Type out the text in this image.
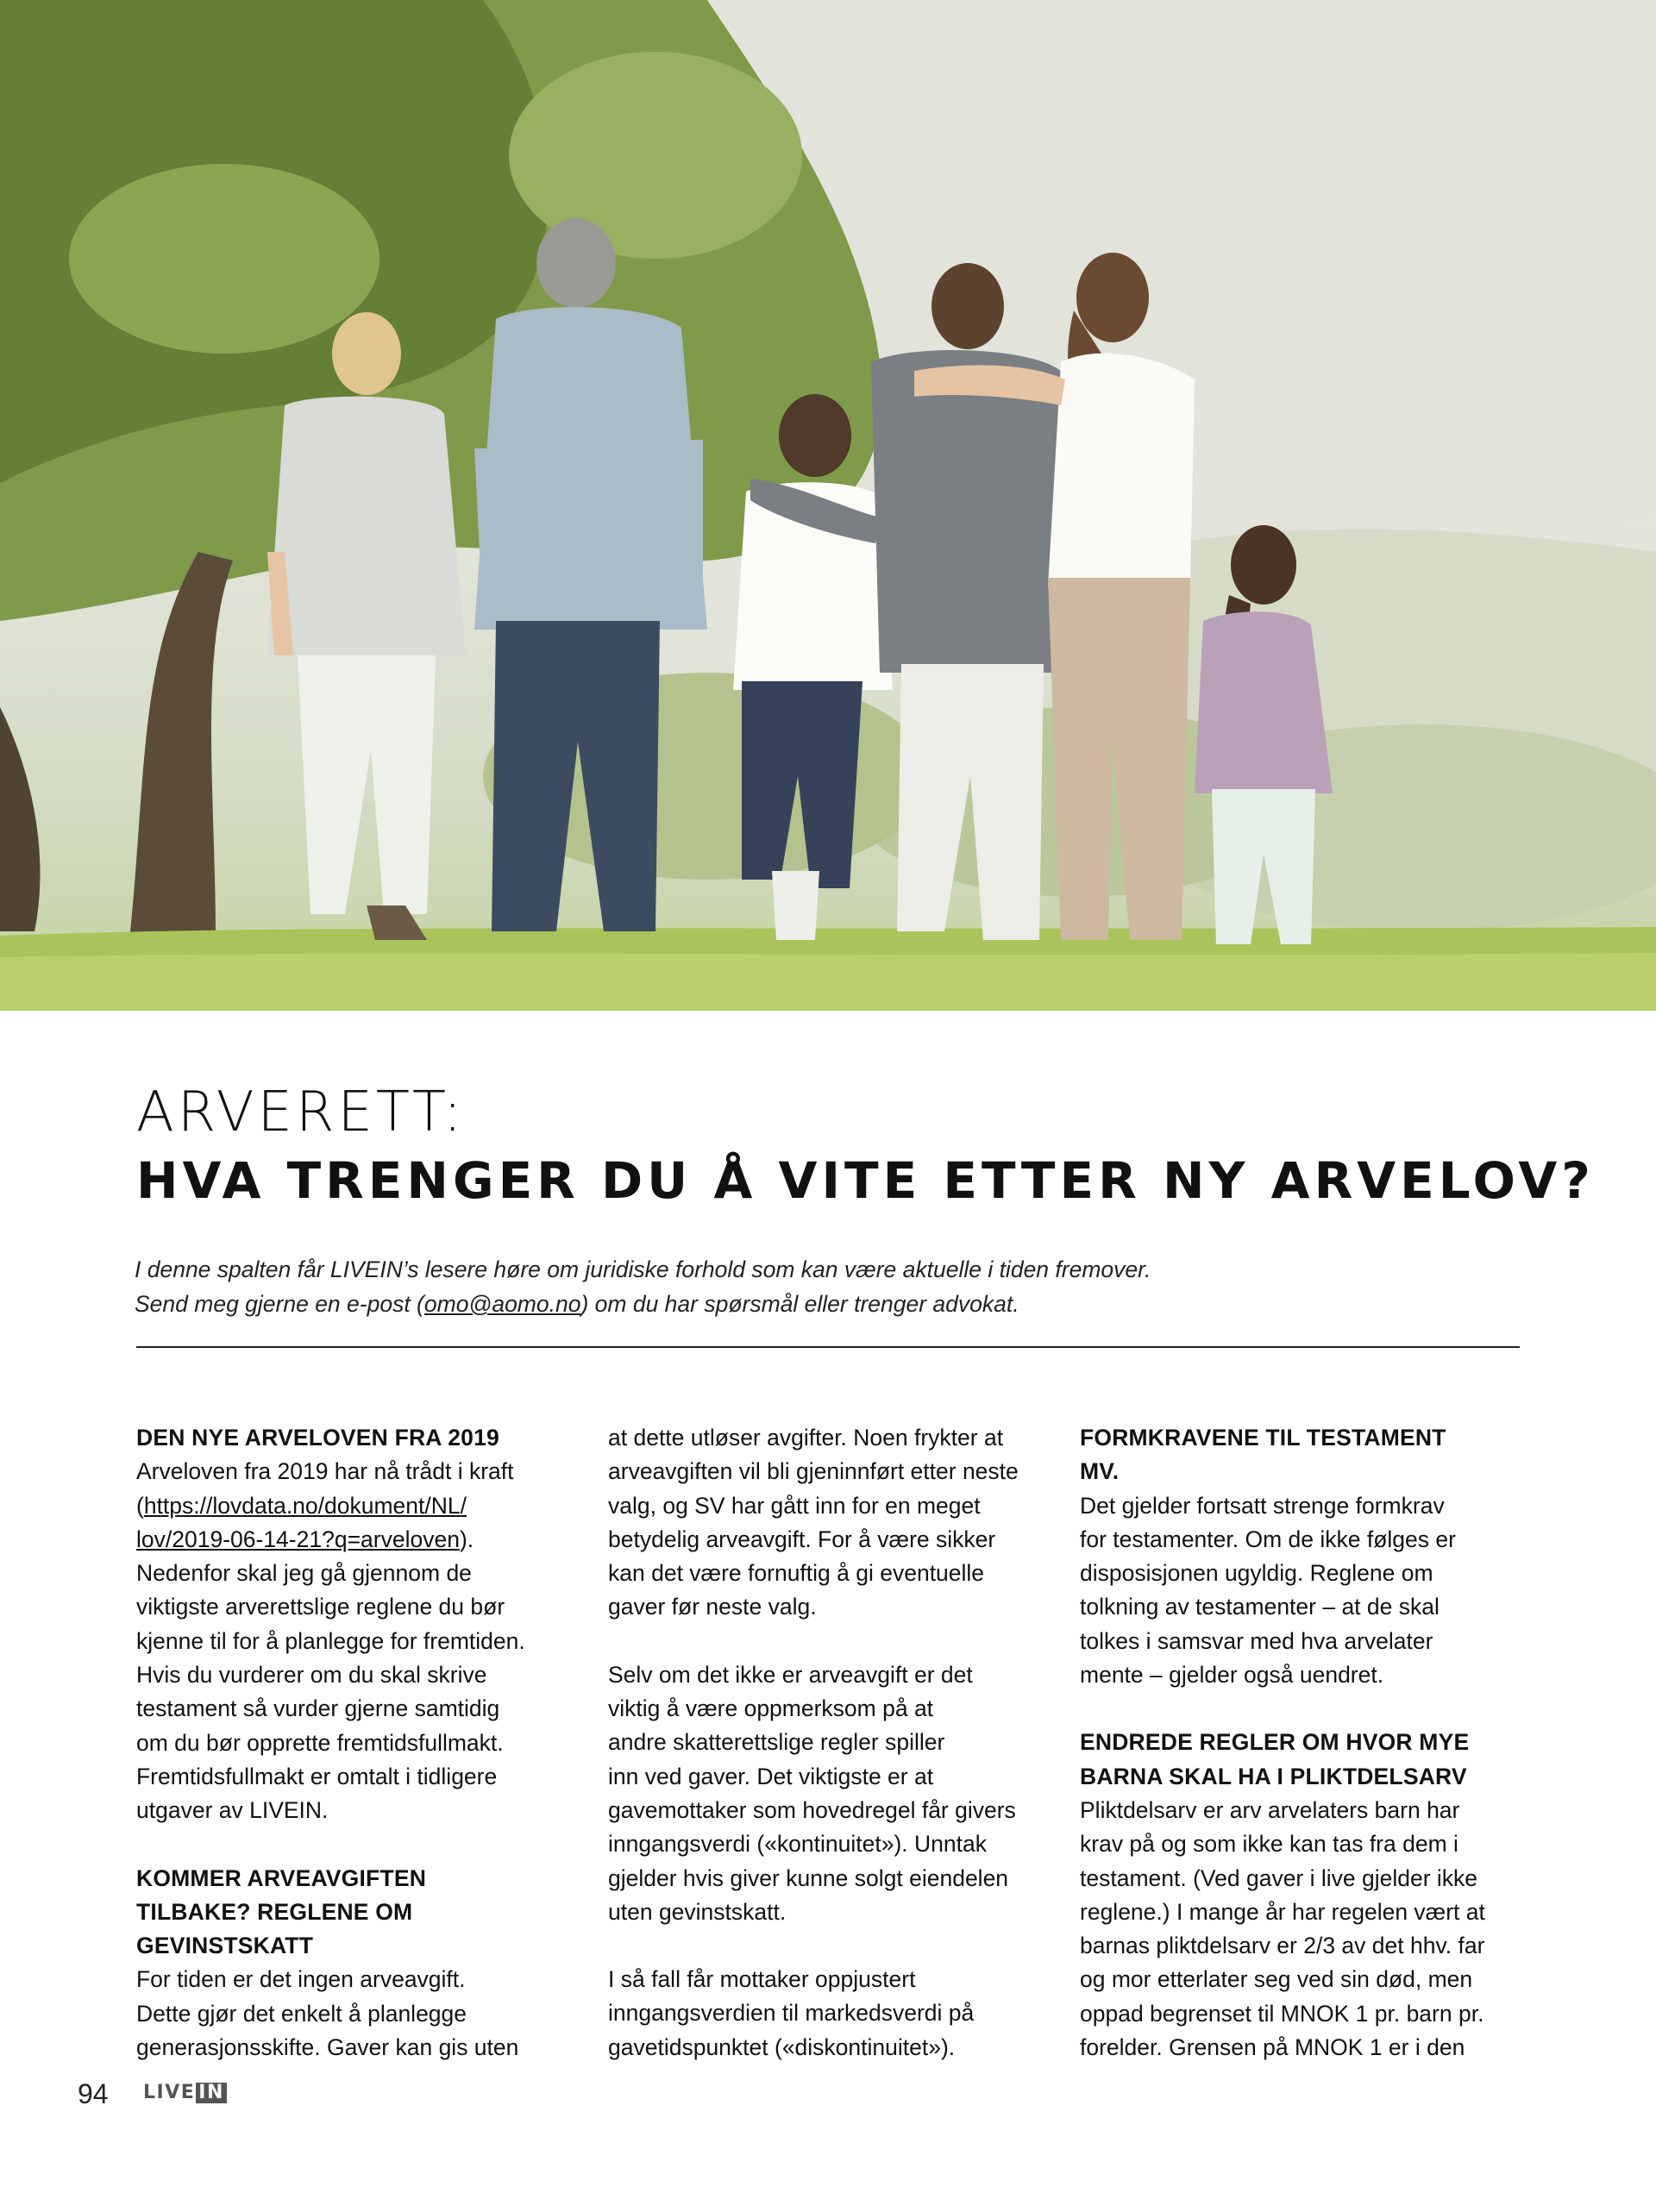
ARVERETT:
HVA TRENGER DU Å VITE ETTER NY ARVELOV?
I denne spalten får LIVEIN’s lesere høre om juridiske forhold som kan være aktuelle i tiden fremover.
Send meg gjerne en e-post (omo@aomo.no) om du har spørsmål eller trenger advokat.
DEN NYE ARVELOVEN FRA 2019

Arveloven fra 2019 har nå trådt i kraft

(https://lovdata.no/dokument/NL/

lov/2019-06-14-21?q=arveloven).

Nedenfor skal jeg gå gjennom de

viktigste arverettslige reglene du bør

kjenne til for å planlegge for fremtiden.

Hvis du vurderer om du skal skrive

testament så vurder gjerne samtidig

om du bør opprette fremtidsfullmakt.

Fremtidsfullmakt er omtalt i tidligere

utgaver av LIVEIN.

KOMMER ARVEAVGIFTEN
TILBAKE? REGLENE OM
GEVINSTSKATT

For tiden er det ingen arveavgift.

Dette gjør det enkelt å planlegge

generasjonsskifte. Gaver kan gis uten

at dette utløser avgifter. Noen frykter at

arveavgiften vil bli gjeninnført etter neste

valg, og SV har gått inn for en meget

betydelig arveavgift. For å være sikker

kan det være fornuftig å gi eventuelle

gaver før neste valg.

Selv om det ikke er arveavgift er det

viktig å være oppmerksom på at

andre skatterettslige regler spiller

inn ved gaver. Det viktigste er at

gavemottaker som hovedregel får givers

inngangsverdi («kontinuitet»). Unntak

gjelder hvis giver kunne solgt eiendelen

uten gevinstskatt.

I så fall får mottaker oppjustert

inngangsverdien til markedsverdi på

gavetidspunktet («diskontinuitet»).

FORMKRAVENE TIL TESTAMENT
MV.

Det gjelder fortsatt strenge formkrav

for testamenter. Om de ikke følges er

disposisjonen ugyldig. Reglene om

tolkning av testamenter – at de skal

tolkes i samsvar med hva arvelater

mente – gjelder også uendret.

ENDREDE REGLER OM HVOR MYE
BARNA SKAL HA I PLIKTDELSARV

Pliktdelsarv er arv arvelaters barn har

krav på og som ikke kan tas fra dem i

testament. (Ved gaver i live gjelder ikke

reglene.) I mange år har regelen vært at

barnas pliktdelsarv er 2/3 av det hhv. far

og mor etterlater seg ved sin død, men

oppad begrenset til MNOK 1 pr. barn pr.

forelder. Grensen på MNOK 1 er i den

94 LIVE IN
